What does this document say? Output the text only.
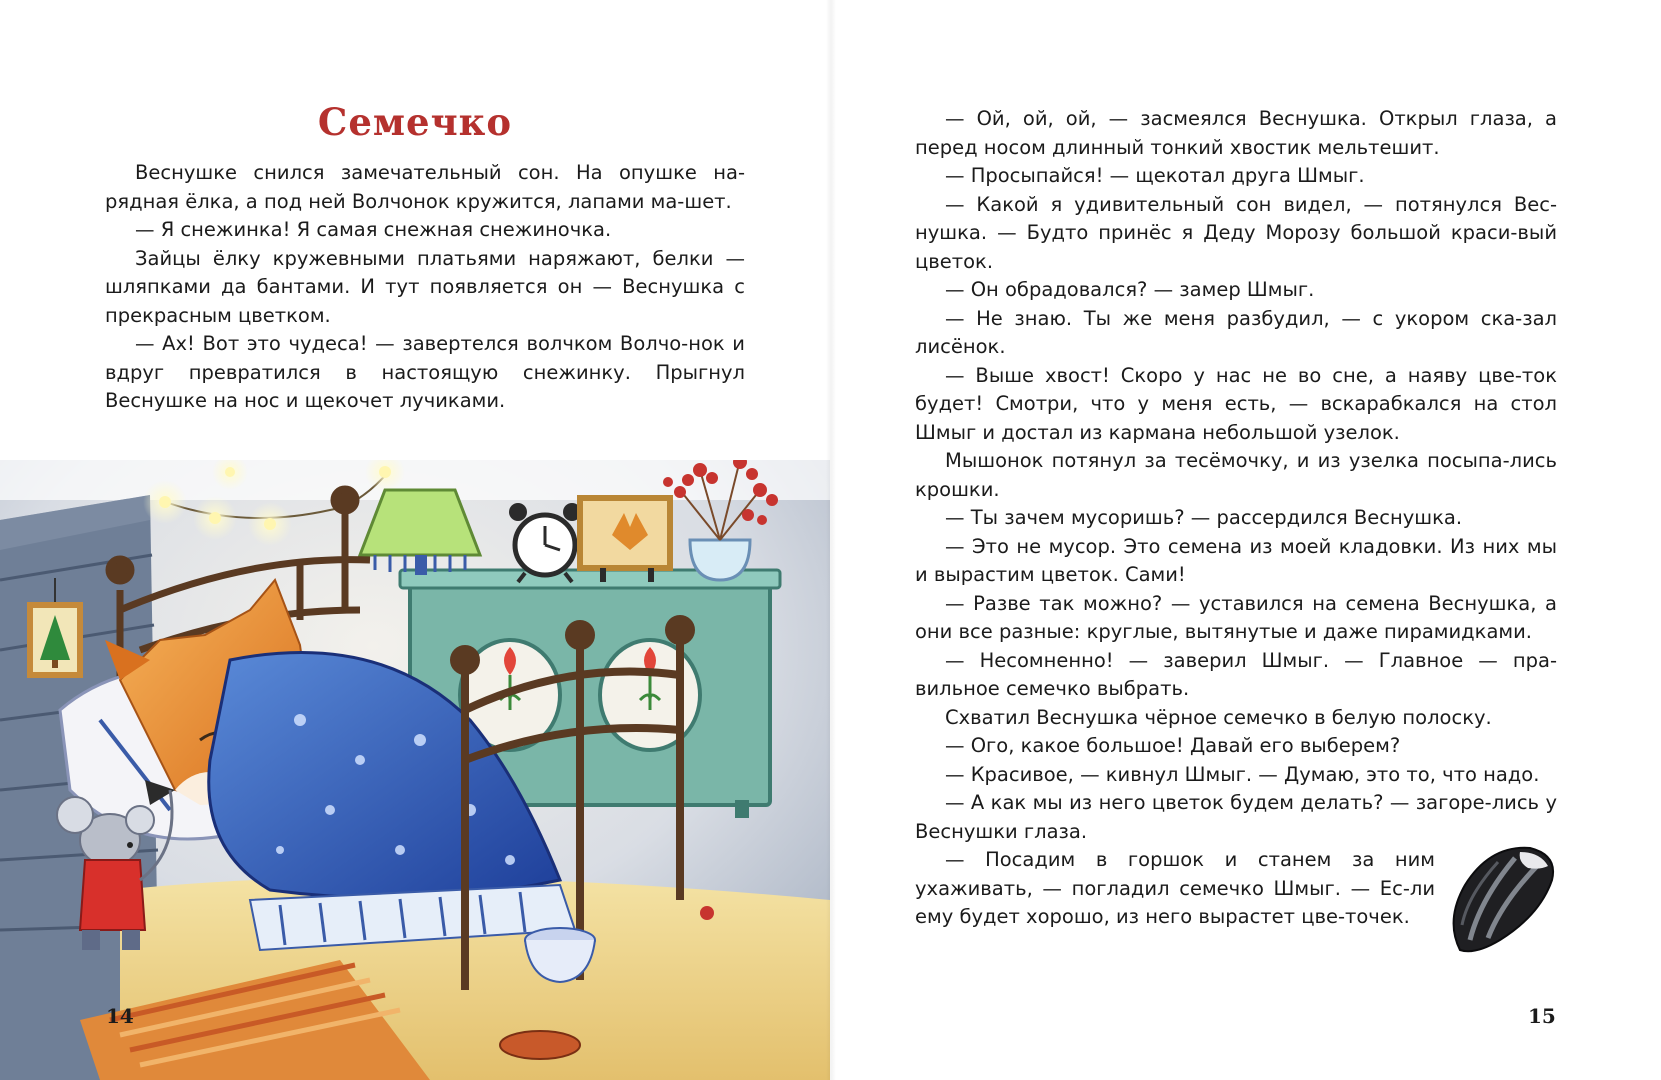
Семечко

Веснушке снился замечательный сон. На опушке на-рядная ёлка, а под ней Волчонок кружится, лапами ма-шет.

— Я снежинка! Я самая снежная снежиночка.

Зайцы ёлку кружевными платьями наряжают, белки — шляпками да бантами. И тут появляется он — Веснушка с прекрасным цветком.

— Ах! Вот это чудеса! — завертелся волчком Волчо-нок и вдруг превратился в настоящую снежинку. Прыгнул Веснушке на нос и щекочет лучиками.

14

— Ой, ой, ой, — засмеялся Веснушка. Открыл глаза, а перед носом длинный тонкий хвостик мельтешит.

— Просыпайся! — щекотал друга Шмыг.

— Какой я удивительный сон видел, — потянулся Вес-нушка. — Будто принёс я Деду Морозу большой краси-вый цветок.

— Он обрадовался? — замер Шмыг.

— Не знаю. Ты же меня разбудил, — с укором ска-зал лисёнок.

— Выше хвост! Скоро у нас не во сне, а наяву цве-ток будет! Смотри, что у меня есть, — вскарабкался на стол Шмыг и достал из кармана небольшой узелок.

Мышонок потянул за тесёмочку, и из узелка посыпа-лись крошки.

— Ты зачем мусоришь? — рассердился Веснушка.

— Это не мусор. Это семена из моей кладовки. Из них мы и вырастим цветок. Сами!

— Разве так можно? — уставился на семена Веснушка, а они все разные: круглые, вытянутые и даже пирамидками.

— Несомненно! — заверил Шмыг. — Главное — пра-вильное семечко выбрать.

Схватил Веснушка чёрное семечко в белую полоску.

— Ого, какое большое! Давай его выберем?

— Красивое, — кивнул Шмыг. — Думаю, это то, что надо.

— А как мы из него цветок будем делать? — загоре-лись у Веснушки глаза.

— Посадим в горшок и станем за ним ухаживать, — погладил семечко Шмыг. — Ес-ли ему будет хорошо, из него вырастет цве-точек.

15
